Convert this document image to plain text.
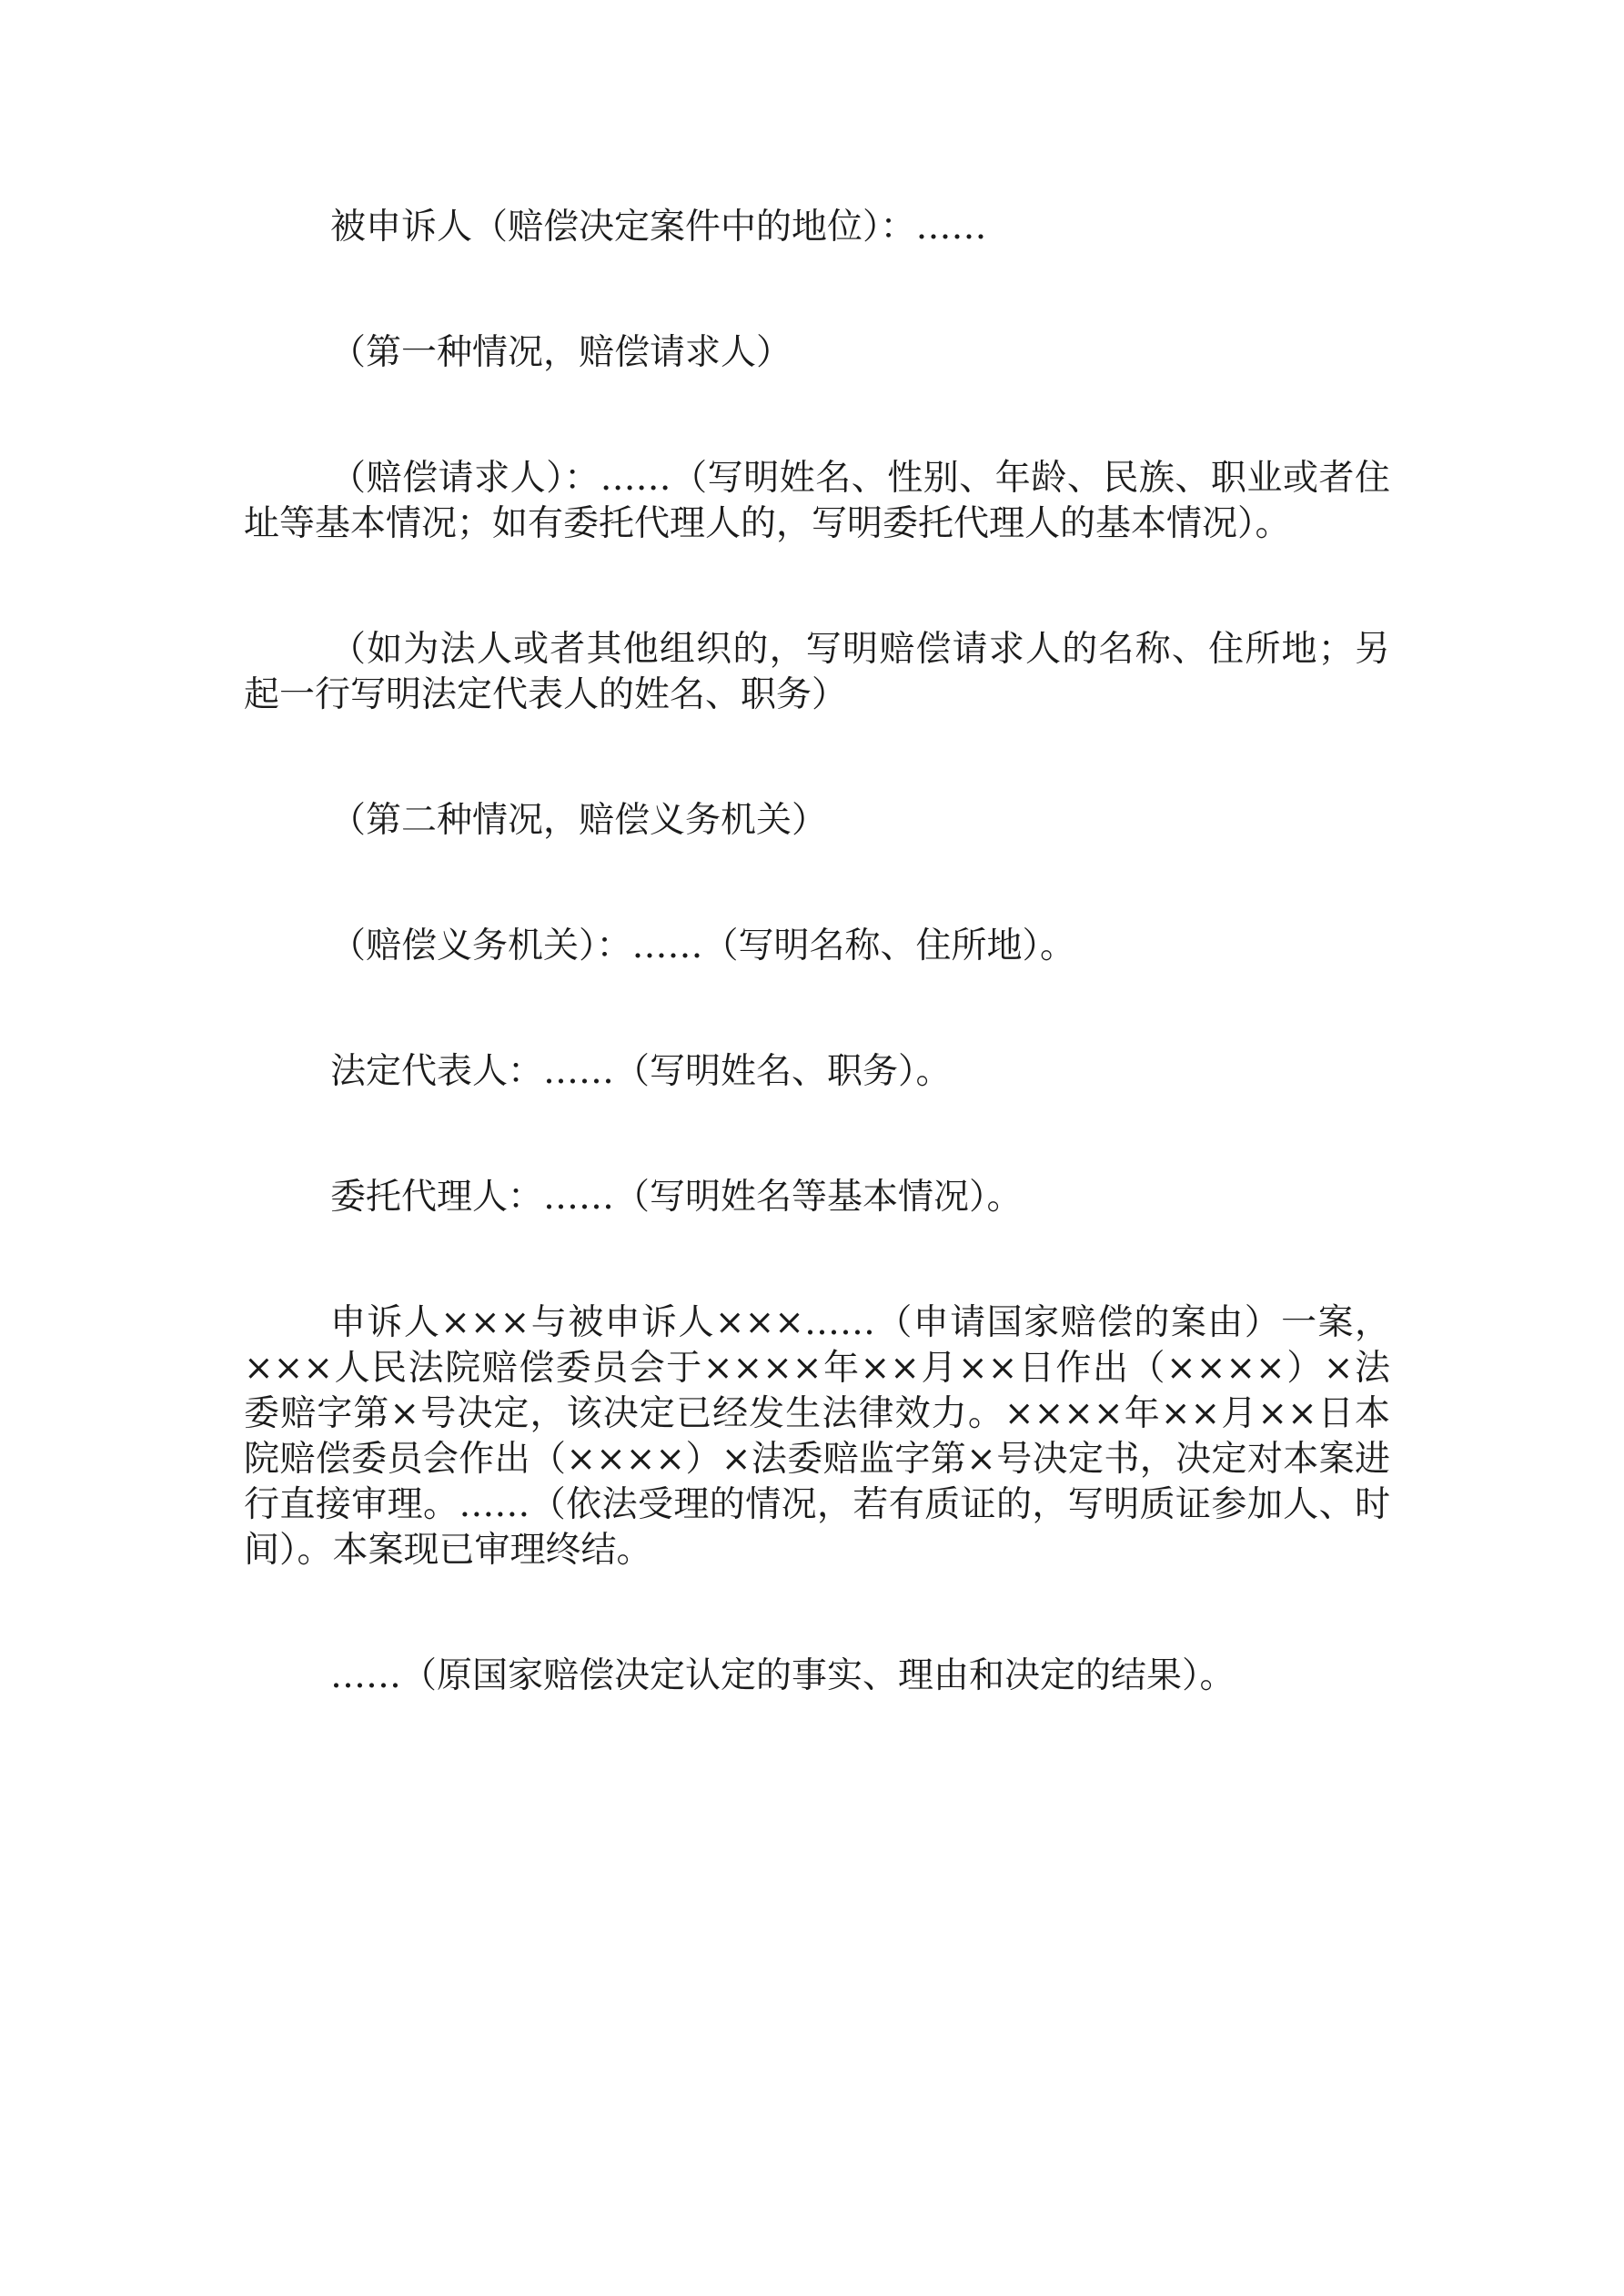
被申诉人（赔偿决定案件中的地位）：……

（第一种情况，赔偿请求人）

（赔偿请求人）：……（写明姓名、性别、年龄、民族、职业或者住址等基本情况；如有委托代理人的，写明委托代理人的基本情况）。

（如为法人或者其他组织的，写明赔偿请求人的名称、住所地；另起一行写明法定代表人的姓名、职务）

（第二种情况，赔偿义务机关）

（赔偿义务机关）：……（写明名称、住所地）。

法定代表人：……（写明姓名、职务）。

委托代理人：……（写明姓名等基本情况）。

申诉人×××与被申诉人×××……（申请国家赔偿的案由）一案，×××人民法院赔偿委员会于××××年××月××日作出（××××）×法委赔字第×号决定，该决定已经发生法律效力。××××年××月××日本院赔偿委员会作出（××××）×法委赔监字第×号决定书，决定对本案进行直接审理。……（依法受理的情况，若有质证的，写明质证参加人、时间）。本案现已审理终结。

……（原国家赔偿决定认定的事实、理由和决定的结果）。
